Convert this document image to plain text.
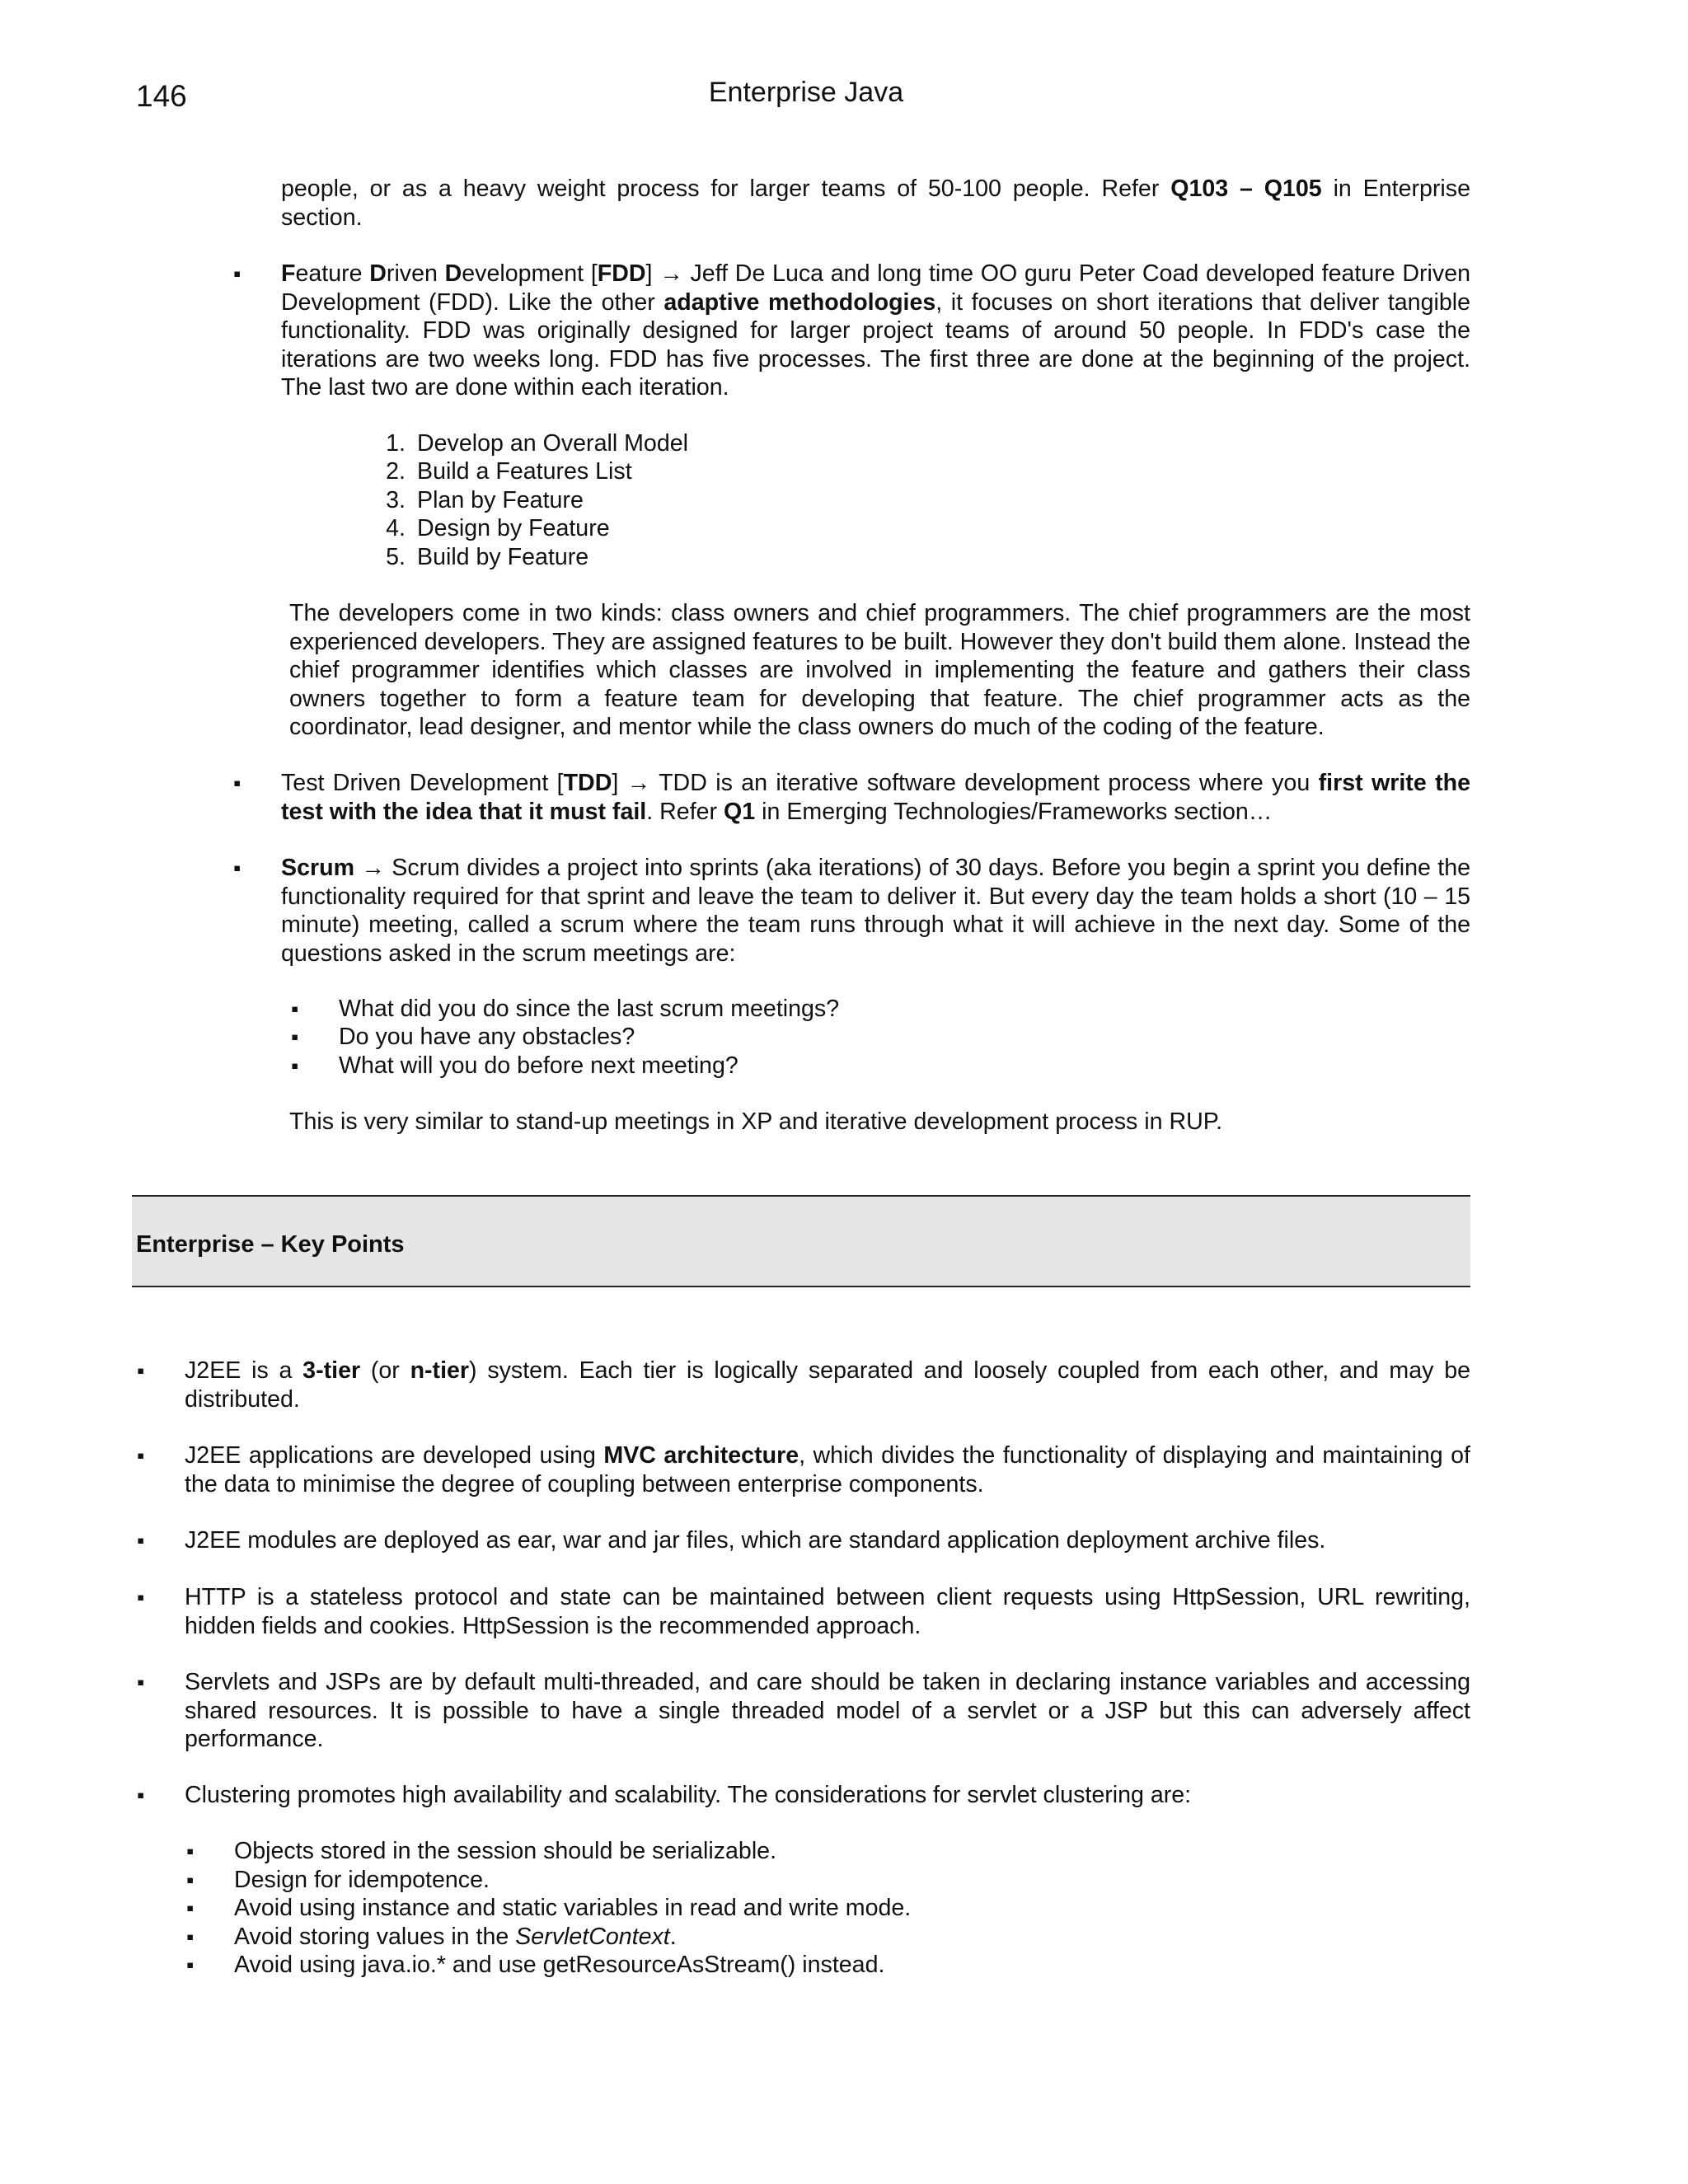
146	Enterprise Java
people, or as a heavy weight process for larger teams of 50-100 people. Refer Q103 – Q105 in Enterprise section.
▪	Feature Driven Development [FDD] → Jeff De Luca and long time OO guru Peter Coad developed feature Driven Development (FDD). Like the other adaptive methodologies, it focuses on short iterations that deliver tangible functionality. FDD was originally designed for larger project teams of around 50 people. In FDD's case the iterations are two weeks long. FDD has five processes. The first three are done at the beginning of the project. The last two are done within each iteration.
1. Develop an Overall Model
2. Build a Features List
3. Plan by Feature
4. Design by Feature
5. Build by Feature
The developers come in two kinds: class owners and chief programmers. The chief programmers are the most experienced developers. They are assigned features to be built. However they don't build them alone. Instead the chief programmer identifies which classes are involved in implementing the feature and gathers their class owners together to form a feature team for developing that feature. The chief programmer acts as the coordinator, lead designer, and mentor while the class owners do much of the coding of the feature.
▪	Test Driven Development [TDD] → TDD is an iterative software development process where you first write the test with the idea that it must fail. Refer Q1 in Emerging Technologies/Frameworks section…
▪	Scrum → Scrum divides a project into sprints (aka iterations) of 30 days. Before you begin a sprint you define the functionality required for that sprint and leave the team to deliver it. But every day the team holds a short (10 – 15 minute) meeting, called a scrum where the team runs through what it will achieve in the next day. Some of the questions asked in the scrum meetings are:
▪	What did you do since the last scrum meetings?
▪	Do you have any obstacles?
▪	What will you do before next meeting?
This is very similar to stand-up meetings in XP and iterative development process in RUP.
Enterprise – Key Points
▪	J2EE is a 3-tier (or n-tier) system. Each tier is logically separated and loosely coupled from each other, and may be distributed.
▪	J2EE applications are developed using MVC architecture, which divides the functionality of displaying and maintaining of the data to minimise the degree of coupling between enterprise components.
▪	J2EE modules are deployed as ear, war and jar files, which are standard application deployment archive files.
▪	HTTP is a stateless protocol and state can be maintained between client requests using HttpSession, URL rewriting, hidden fields and cookies. HttpSession is the recommended approach.
▪	Servlets and JSPs are by default multi-threaded, and care should be taken in declaring instance variables and accessing shared resources. It is possible to have a single threaded model of a servlet or a JSP but this can adversely affect performance.
▪	Clustering promotes high availability and scalability. The considerations for servlet clustering are:
▪	Objects stored in the session should be serializable.
▪	Design for idempotence.
▪	Avoid using instance and static variables in read and write mode.
▪	Avoid storing values in the ServletContext.
▪	Avoid using java.io.* and use getResourceAsStream() instead.
